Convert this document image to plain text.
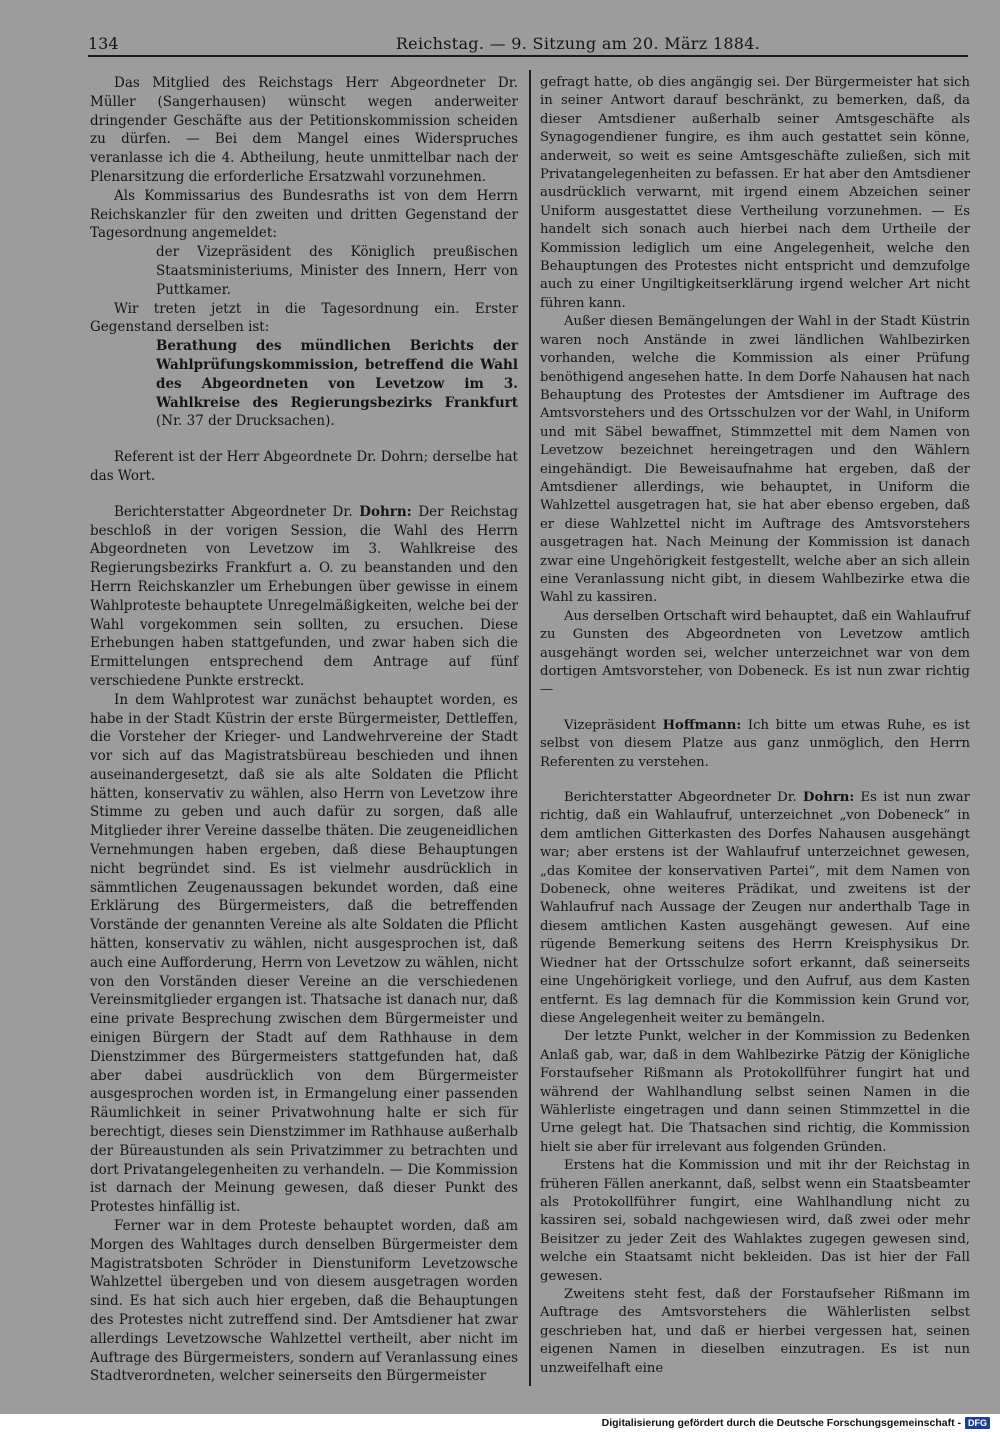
134	Reichstag. — 9. Sitzung am 20. März 1884.

Das Mitglied des Reichstags Herr Abgeordneter Dr. Müller (Sangerhausen) wünscht wegen anderweiter dringender Geschäfte aus der Petitionskommission scheiden zu dürfen. — Bei dem Mangel eines Widerspruches veranlasse ich die 4. Abtheilung, heute unmittelbar nach der Plenarsitzung die erforderliche Ersatzwahl vorzunehmen.

Als Kommissarius des Bundesraths ist von dem Herrn Reichskanzler für den zweiten und dritten Gegenstand der Tagesordnung angemeldet:

der Vizepräsident des Königlich preußischen Staatsministeriums, Minister des Innern, Herr von Puttkamer.

Wir treten jetzt in die Tagesordnung ein. Erster Gegenstand derselben ist:

Berathung des mündlichen Berichts der Wahlprüfungskommission, betreffend die Wahl des Abgeordneten von Levetzow im 3. Wahlkreise des Regierungsbezirks Frankfurt (Nr. 37 der Drucksachen).

Referent ist der Herr Abgeordnete Dr. Dohrn; derselbe hat das Wort.

Berichterstatter Abgeordneter Dr. Dohrn: Der Reichstag beschloß in der vorigen Session, die Wahl des Herrn Abgeordneten von Levetzow im 3. Wahlkreise des Regierungsbezirks Frankfurt a. O. zu beanstanden und den Herrn Reichskanzler um Erhebungen über gewisse in einem Wahlproteste behauptete Unregelmäßigkeiten, welche bei der Wahl vorgekommen sein sollten, zu ersuchen. Diese Erhebungen haben stattgefunden, und zwar haben sich die Ermittelungen entsprechend dem Antrage auf fünf verschiedene Punkte erstreckt.

In dem Wahlprotest war zunächst behauptet worden, es habe in der Stadt Küstrin der erste Bürgermeister, Dettleffen, die Vorsteher der Krieger- und Landwehrvereine der Stadt vor sich auf das Magistratsbüreau beschieden und ihnen auseinandergesetzt, daß sie als alte Soldaten die Pflicht hätten, konservativ zu wählen, also Herrn von Levetzow ihre Stimme zu geben und auch dafür zu sorgen, daß alle Mitglieder ihrer Vereine dasselbe thäten. Die zeugeneidlichen Vernehmungen haben ergeben, daß diese Behauptungen nicht begründet sind. Es ist vielmehr ausdrücklich in sämmtlichen Zeugenaussagen bekundet worden, daß eine Erklärung des Bürgermeisters, daß die betreffenden Vorstände der genannten Vereine als alte Soldaten die Pflicht hätten, konservativ zu wählen, nicht ausgesprochen ist, daß auch eine Aufforderung, Herrn von Levetzow zu wählen, nicht von den Vorständen dieser Vereine an die verschiedenen Vereinsmitglieder ergangen ist. Thatsache ist danach nur, daß eine private Besprechung zwischen dem Bürgermeister und einigen Bürgern der Stadt auf dem Rathhause in dem Dienstzimmer des Bürgermeisters stattgefunden hat, daß aber dabei ausdrücklich von dem Bürgermeister ausgesprochen worden ist, in Ermangelung einer passenden Räumlichkeit in seiner Privatwohnung halte er sich für berechtigt, dieses sein Dienstzimmer im Rathhause außerhalb der Büreaustunden als sein Privatzimmer zu betrachten und dort Privatangelegenheiten zu verhandeln. — Die Kommission ist darnach der Meinung gewesen, daß dieser Punkt des Protestes hinfällig ist.

Ferner war in dem Proteste behauptet worden, daß am Morgen des Wahltages durch denselben Bürgermeister dem Magistratsboten Schröder in Dienstuniform Levetzowsche Wahlzettel übergeben und von diesem ausgetragen worden sind. Es hat sich auch hier ergeben, daß die Behauptungen des Protestes nicht zutreffend sind. Der Amtsdiener hat zwar allerdings Levetzowsche Wahlzettel vertheilt, aber nicht im Auftrage des Bürgermeisters, sondern auf Veranlassung eines Stadtverordneten, welcher seinerseits den Bürgermeister

gefragt hatte, ob dies angängig sei. Der Bürgermeister hat sich in seiner Antwort darauf beschränkt, zu bemerken, daß, da dieser Amtsdiener außerhalb seiner Amtsgeschäfte als Synagogendiener fungire, es ihm auch gestattet sein könne, anderweit, so weit es seine Amtsgeschäfte zuließen, sich mit Privatangelegenheiten zu befassen. Er hat aber den Amtsdiener ausdrücklich verwarnt, mit irgend einem Abzeichen seiner Uniform ausgestattet diese Vertheilung vorzunehmen. — Es handelt sich sonach auch hierbei nach dem Urtheile der Kommission lediglich um eine Angelegenheit, welche den Behauptungen des Protestes nicht entspricht und demzufolge auch zu einer Ungiltigkeitserklärung irgend welcher Art nicht führen kann.

Außer diesen Bemängelungen der Wahl in der Stadt Küstrin waren noch Anstände in zwei ländlichen Wahlbezirken vorhanden, welche die Kommission als einer Prüfung benöthigend angesehen hatte. In dem Dorfe Nahausen hat nach Behauptung des Protestes der Amtsdiener im Auftrage des Amtsvorstehers und des Ortsschulzen vor der Wahl, in Uniform und mit Säbel bewaffnet, Stimmzettel mit dem Namen von Levetzow bezeichnet hereingetragen und den Wählern eingehändigt. Die Beweisaufnahme hat ergeben, daß der Amtsdiener allerdings, wie behauptet, in Uniform die Wahlzettel ausgetragen hat, sie hat aber ebenso ergeben, daß er diese Wahlzettel nicht im Auftrage des Amtsvorstehers ausgetragen hat. Nach Meinung der Kommission ist danach zwar eine Ungehörigkeit festgestellt, welche aber an sich allein eine Veranlassung nicht gibt, in diesem Wahlbezirke etwa die Wahl zu kassiren.

Aus derselben Ortschaft wird behauptet, daß ein Wahlaufruf zu Gunsten des Abgeordneten von Levetzow amtlich ausgehängt worden sei, welcher unterzeichnet war von dem dortigen Amtsvorsteher, von Dobeneck. Es ist nun zwar richtig —

Vizepräsident Hoffmann: Ich bitte um etwas Ruhe, es ist selbst von diesem Platze aus ganz unmöglich, den Herrn Referenten zu verstehen.

Berichterstatter Abgeordneter Dr. Dohrn: Es ist nun zwar richtig, daß ein Wahlaufruf, unterzeichnet „von Dobeneck“ in dem amtlichen Gitterkasten des Dorfes Nahausen ausgehängt war; aber erstens ist der Wahlaufruf unterzeichnet gewesen, „das Komitee der konservativen Partei“, mit dem Namen von Dobeneck, ohne weiteres Prädikat, und zweitens ist der Wahlaufruf nach Aussage der Zeugen nur anderthalb Tage in diesem amtlichen Kasten ausgehängt gewesen. Auf eine rügende Bemerkung seitens des Herrn Kreisphysikus Dr. Wiedner hat der Ortsschulze sofort erkannt, daß seinerseits eine Ungehörigkeit vorliege, und den Aufruf, aus dem Kasten entfernt. Es lag demnach für die Kommission kein Grund vor, diese Angelegenheit weiter zu bemängeln.

Der letzte Punkt, welcher in der Kommission zu Bedenken Anlaß gab, war, daß in dem Wahlbezirke Pätzig der Königliche Forstaufseher Rißmann als Protokollführer fungirt hat und während der Wahlhandlung selbst seinen Namen in die Wählerliste eingetragen und dann seinen Stimmzettel in die Urne gelegt hat. Die Thatsachen sind richtig, die Kommission hielt sie aber für irrelevant aus folgenden Gründen.

Erstens hat die Kommission und mit ihr der Reichstag in früheren Fällen anerkannt, daß, selbst wenn ein Staatsbeamter als Protokollführer fungirt, eine Wahlhandlung nicht zu kassiren sei, sobald nachgewiesen wird, daß zwei oder mehr Beisitzer zu jeder Zeit des Wahlaktes zugegen gewesen sind, welche ein Staatsamt nicht bekleiden. Das ist hier der Fall gewesen.

Zweitens steht fest, daß der Forstaufseher Rißmann im Auftrage des Amtsvorstehers die Wählerlisten selbst geschrieben hat, und daß er hierbei vergessen hat, seinen eigenen Namen in dieselben einzutragen. Es ist nun unzweifelhaft eine

Digitalisierung gefördert durch die Deutsche Forschungsgemeinschaft - DFG
